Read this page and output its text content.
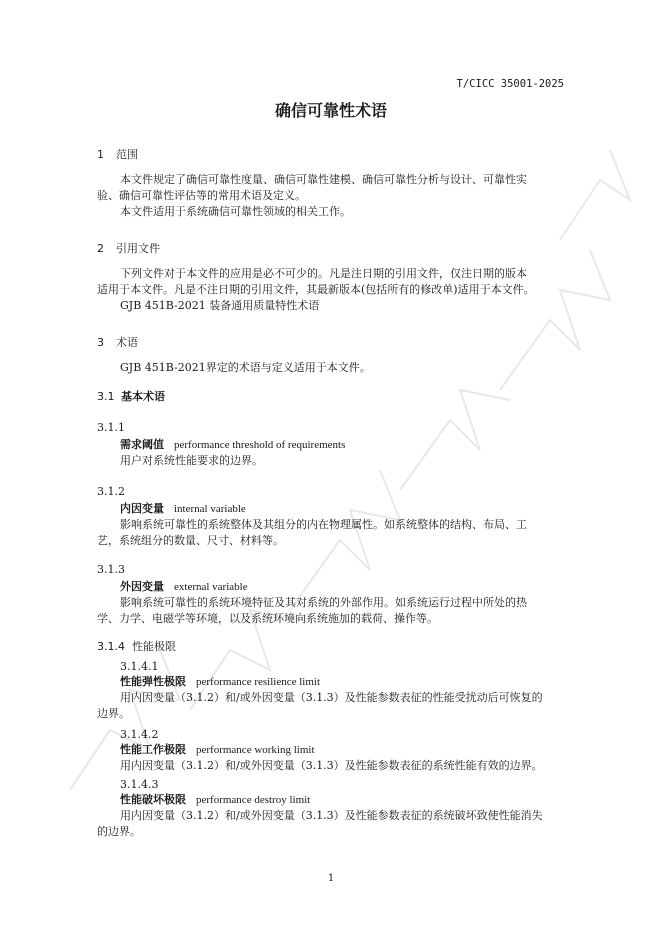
T/CICC 35001-2025
确信可靠性术语
1 范围
本文件规定了确信可靠性度量、确信可靠性建模、确信可靠性分析与设计、可靠性实
验、确信可靠性评估等的常用术语及定义。
本文件适用于系统确信可靠性领域的相关工作。
2 引用文件
下列文件对于本文件的应用是必不可少的。凡是注日期的引用文件，仅注日期的版本
适用于本文件。凡是不注日期的引用文件，其最新版本(包括所有的修改单)适用于本文件。
GJB 451B-2021 装备通用质量特性术语
3 术语
GJB 451B-2021界定的术语与定义适用于本文件。
3.1 基本术语
3.1.1
需求阈值 performance threshold of requirements
用户对系统性能要求的边界。
3.1.2
内因变量 internal variable
影响系统可靠性的系统整体及其组分的内在物理属性。如系统整体的结构、布局、工
艺，系统组分的数量、尺寸、材料等。
3.1.3
外因变量 external variable
影响系统可靠性的系统环境特征及其对系统的外部作用。如系统运行过程中所处的热
学、力学、电磁学等环境，以及系统环境向系统施加的载荷、操作等。
3.1.4 性能极限
3.1.4.1
性能弹性极限 performance resilience limit
用内因变量（3.1.2）和/或外因变量（3.1.3）及性能参数表征的性能受扰动后可恢复的
边界。
3.1.4.2
性能工作极限 performance working limit
用内因变量（3.1.2）和/或外因变量（3.1.3）及性能参数表征的系统性能有效的边界。
3.1.4.3
性能破坏极限 performance destroy limit
用内因变量（3.1.2）和/或外因变量（3.1.3）及性能参数表征的系统破坏致使性能消失
的边界。
1
